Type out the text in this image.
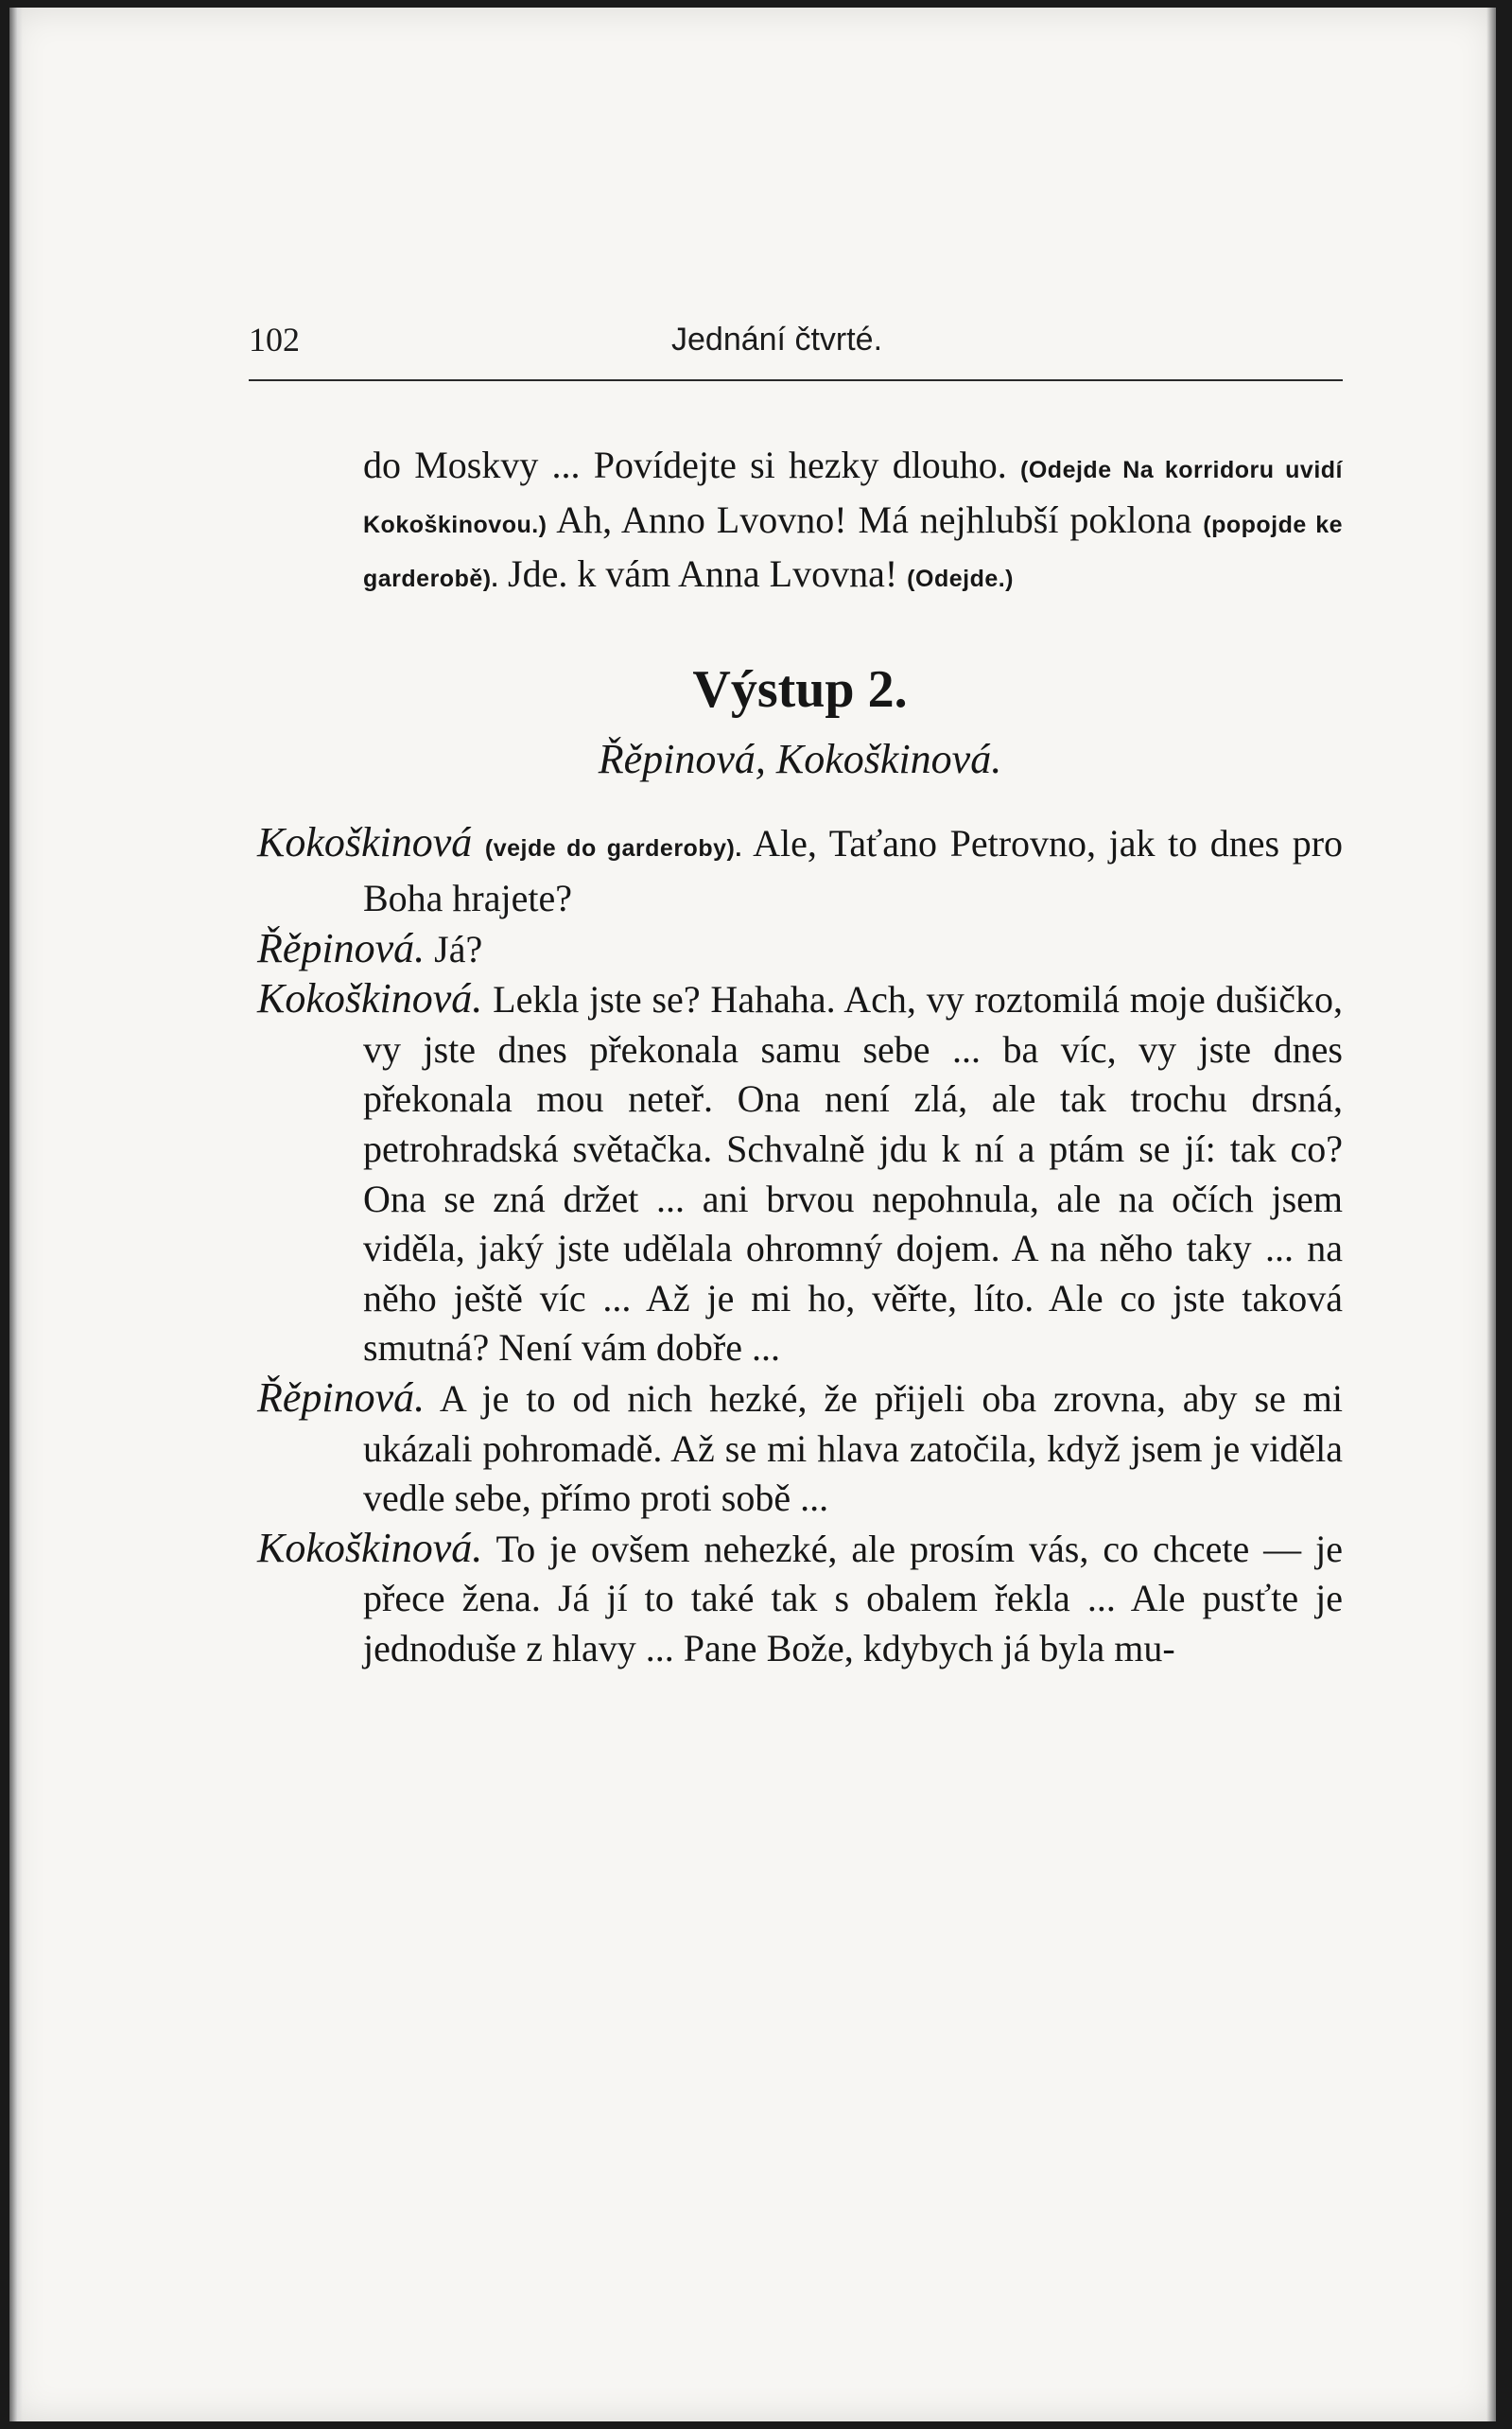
102	Jednání čtvrté.

do Moskvy ... Povídejte si hezky dlouho. (Odejde Na korridoru uvidí Kokoškinovou.) Ah, Anno Lvovno! Má nejhlubší poklona (popojde ke garderobě). Jde. k vám Anna Lvovna! (Odejde.)

Výstup 2.
Řěpinová, Kokoškinová.

Kokoškinová (vejde do garderoby). Ale, Taťano Petrovno, jak to dnes pro Boha hrajete?

Řěpinová. Já?

Kokoškinová. Lekla jste se? Hahaha. Ach, vy roztomilá moje dušičko, vy jste dnes překonala samu sebe ... ba víc, vy jste dnes překonala mou neteř. Ona není zlá, ale tak trochu drsná, petrohradská světačka. Schvalně jdu k ní a ptám se jí: tak co? Ona se zná držet ... ani brvou nepohnula, ale na očích jsem viděla, jaký jste udělala ohromný dojem. A na něho taky ... na něho ještě víc ... Až je mi ho, věřte, líto. Ale co jste taková smutná? Není vám dobře ...

Řěpinová. A je to od nich hezké, že přijeli oba zrovna, aby se mi ukázali pohromadě. Až se mi hlava zatočila, když jsem je viděla vedle sebe, přímo proti sobě ...

Kokoškinová. To je ovšem nehezké, ale prosím vás, co chcete — je přece žena. Já jí to také tak s obalem řekla ... Ale pusťte je jednoduše z hlavy ... Pane Bože, kdybych já byla mu-
